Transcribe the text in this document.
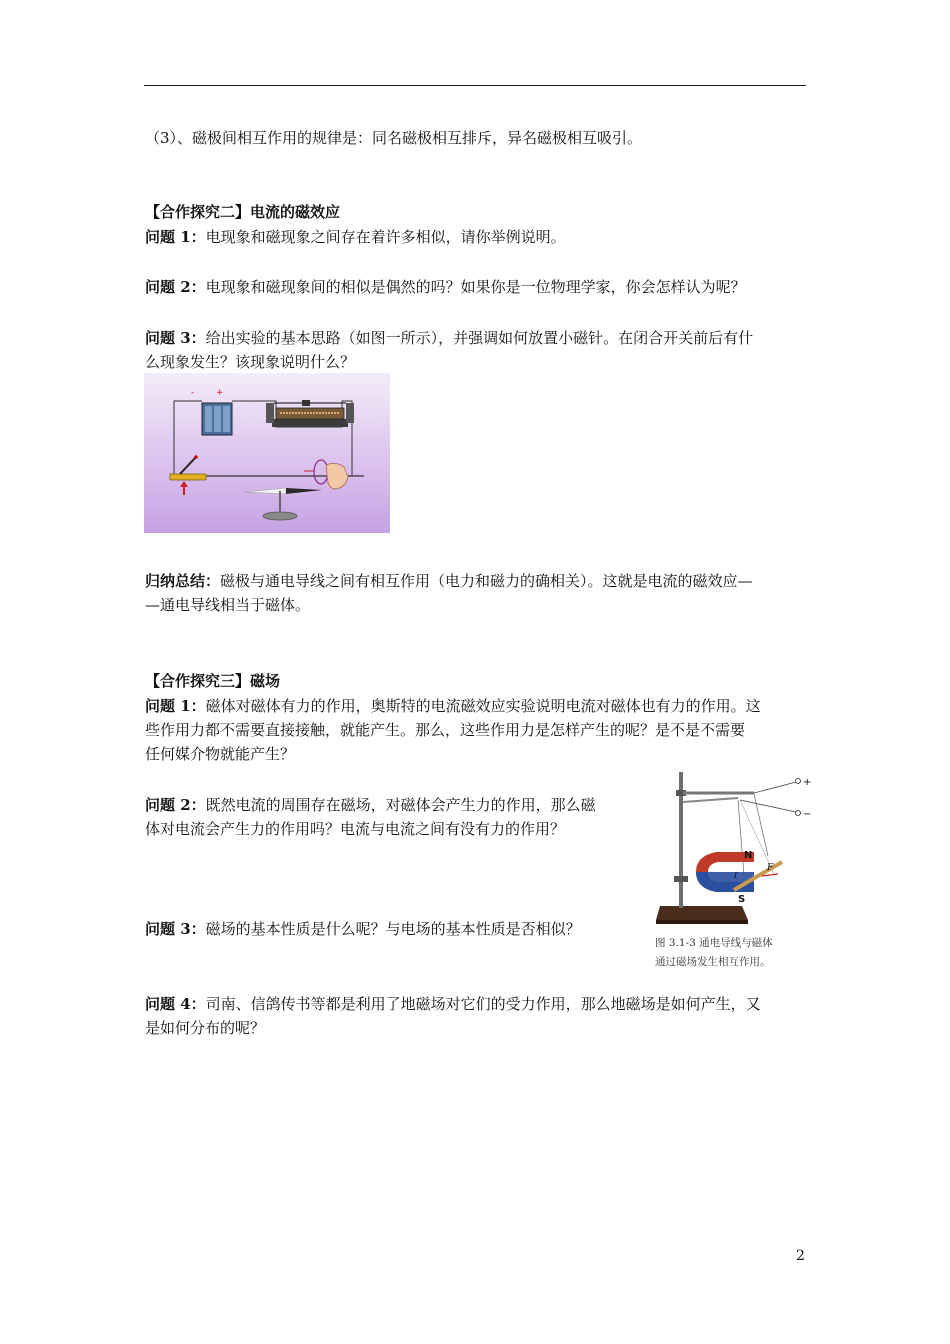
（3）、磁极间相互作用的规律是：同名磁极相互排斥，异名磁极相互吸引。
【合作探究二】电流的磁效应
问题 1：电现象和磁现象之间存在着许多相似，请你举例说明。
问题 2：电现象和磁现象间的相似是偶然的吗？如果你是一位物理学家，你会怎样认为呢？
问题 3：给出实验的基本思路（如图一所示），并强调如何放置小磁针。在闭合开关前后有什
么现象发生？该现象说明什么？
- +
归纳总结：磁极与通电导线之间有相互作用（电力和磁力的确相关）。这就是电流的磁效应—
—通电导线相当于磁体。
【合作探究三】磁场
问题 1：磁体对磁体有力的作用，奥斯特的电流磁效应实验说明电流对磁体也有力的作用。这
些作用力都不需要直接接触，就能产生。那么，这些作用力是怎样产生的呢？是不是不需要
任何媒介物就能产生？
问题 2：既然电流的周围存在磁场，对磁体会产生力的作用，那么磁
体对电流会产生力的作用吗？电流与电流之间有没有力的作用？
问题 3：磁场的基本性质是什么呢？与电场的基本性质是否相似？
问题 4：司南、信鸽传书等都是利用了地磁场对它们的受力作用，那么地磁场是如何产生，又
是如何分布的呢？
+
−
N
S
F
I
图 3.1-3 通电导线与磁体
通过磁场发生相互作用。
2
